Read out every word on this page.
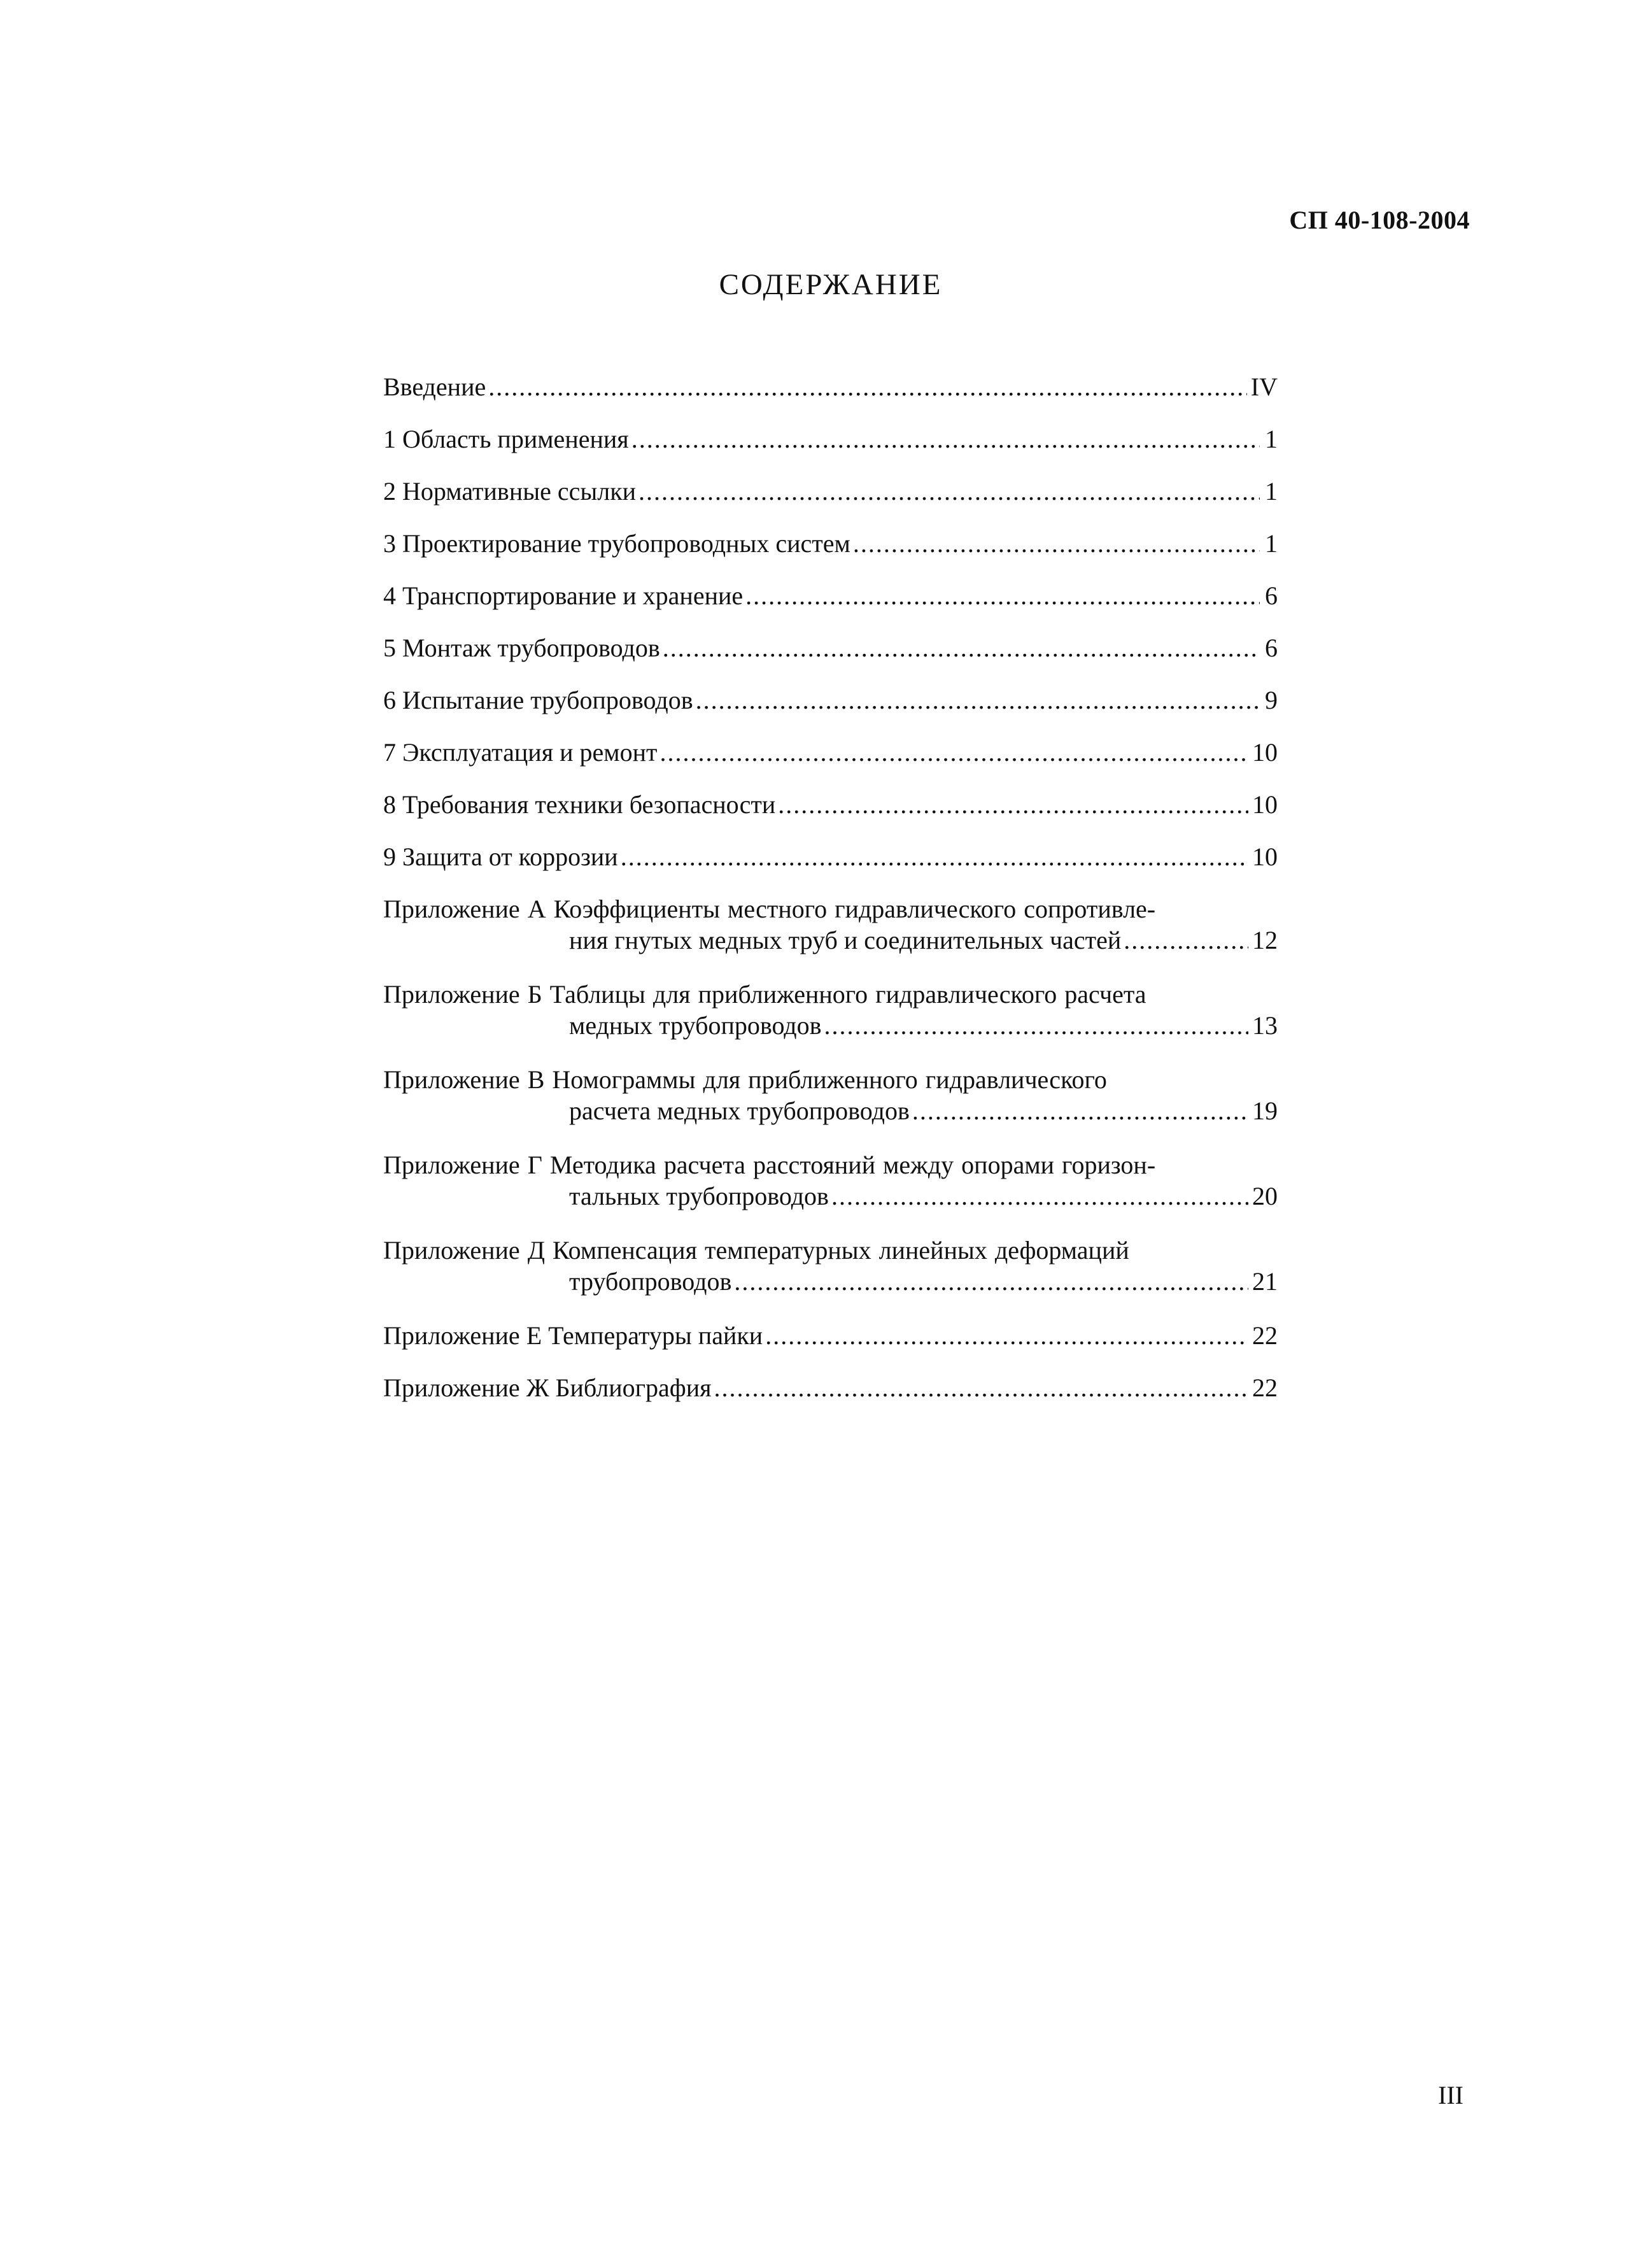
СП 40-108-2004
СОДЕРЖАНИЕ
Введение .....	IV
1 Область применения .....	1
2 Нормативные ссылки .....	1
3 Проектирование трубопроводных систем .....	1
4 Транспортирование и хранение .....	6
5 Монтаж трубопроводов .....	6
6 Испытание трубопроводов .....	9
7 Эксплуатация и ремонт .....	10
8 Требования техники безопасности .....	10
9 Защита от коррозии .....	10
Приложение А Коэффициенты местного гидравлического сопротивле-
ния гнутых медных труб и соединительных частей .....	12
Приложение Б Таблицы для приближенного гидравлического расчета
медных трубопроводов .....	13
Приложение В Номограммы для приближенного гидравлического
расчета медных трубопроводов .....	19
Приложение Г Методика расчета расстояний между опорами горизон-
тальных трубопроводов .....	20
Приложение Д Компенсация температурных линейных деформаций
трубопроводов .....	21
Приложение Е Температуры пайки .....	22
Приложение Ж Библиография .....	22
III
